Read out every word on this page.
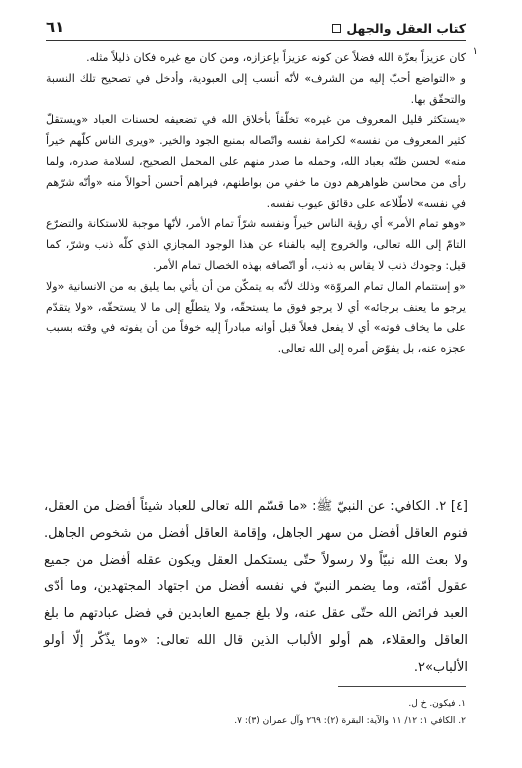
كتاب العقل والجهل
٦١
١

كان عزيزاً بعزّة الله فضلاً عن كونه عزيزاً بإعزازه، ومن كان مع غيره فكان ذليلاً مثله.

و «التواضع أحبّ إليه من الشرف» لأنّه أنسب إلى العبودية، وأدخل في تصحيح تلك النسبة والتحقّق بها.

«يستكثر قليل المعروف من غيره» تخلّقاً بأخلاق الله في تضعيفه لحسنات العباد «ويستقلّ كثير المعروف من نفسه» لكرامة نفسه واتّصاله بمنبع الجود والخير. «ويرى الناس كلّهم خيراً منه» لحسن ظنّه بعباد الله، وحمله ما صدر منهم على المحمل الصحيح، لسلامة صدره، ولما رأى من محاسن ظواهرهم دون ما خفي من بواطنهم، فيراهم أحسن أحوالاً منه «وأنّه شرّهم في نفسه» لاطّلاعه على دقائق عيوب نفسه.

«وهو تمام الأمر» أي رؤية الناس خيراً ونفسه شرّاً تمام الأمر، لأنّها موجبة للاستكانة والتضرّع التامّ إلى الله تعالى، والخروج إليه بالفناء عن هذا الوجود المجازي الذي كلّه ذنب وشرّ، كما قيل: وجودك ذنب لا يقاس به ذنب، أو اتّصافه بهذه الخصال تمام الأمر.

«و إستتمام المال تمام المروّة» وذلك لأنّه به يتمكّن من أن يأتي بما يليق به من الانسانية «ولا يرجو ما يعنف برجائه» أي لا يرجو فوق ما يستحقّه، ولا يتطلّع إلى ما لا يستحقّه، «ولا يتقدّم على ما يخاف فوته» أي لا يفعل فعلاً قبل أوانه مبادراً إليه خوفاً من أن يفوته في وقته بسبب عجزه عنه، بل يفوّض أمره إلى الله تعالى.

[٤] ٢. الكافي: عن النبيّ ﷺ: «ما قسّم الله تعالى للعباد شيئاً أفضل من العقل، فنوم العاقل أفضل من سهر الجاهل، وإقامة العاقل أفضل من شخوص الجاهل. ولا بعث الله نبيّاً ولا رسولاً حتّى يستكمل العقل ويكون عقله أفضل من جميع عقول أمّته، وما يضمر النبيّ في نفسه أفضل من اجتهاد المجتهدين، وما أدّى العبد فرائض الله حتّى عقل عنه، ولا بلغ جميع العابدين في فضل عبادتهم ما بلغ العاقل والعقلاء، هم أولو الألباب الذين قال الله تعالى: «وما يذّكّر إلّا أولو الألباب»٢.

١. فيكون. خ ل.
٢. الكافي ١: ١٢/ ١١ والآية: البقرة (٢): ٢٦٩ وآل عمران (٣): ٧.
